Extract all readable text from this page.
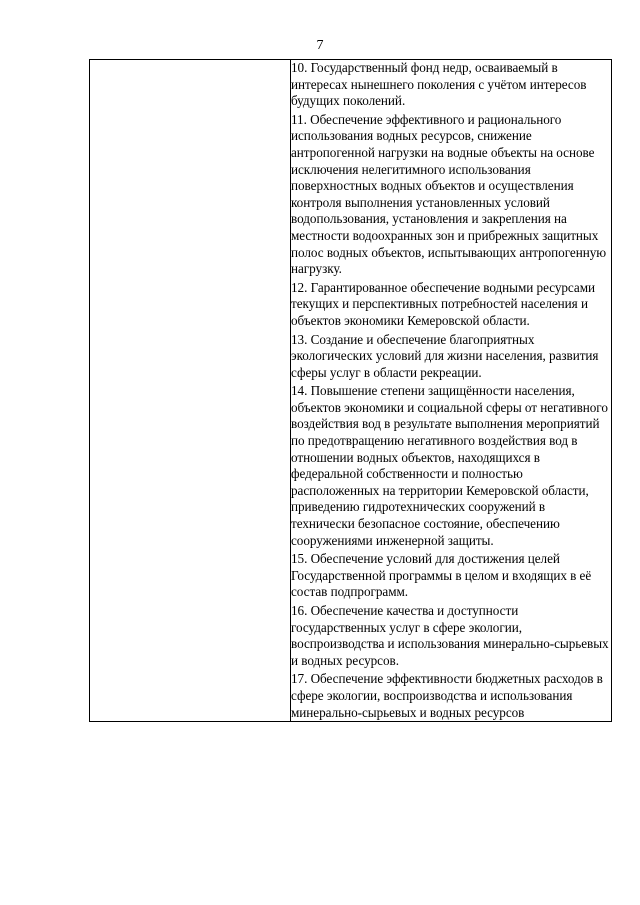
7

10. Государственный фонд недр, осваиваемый в интересах нынешнего поколения с учётом интересов будущих поколений.

11. Обеспечение эффективного и рационального использования водных ресурсов, снижение антропогенной нагрузки на водные объекты на основе исключения нелегитимного использования поверхностных водных объектов и осуществления контроля выполнения установленных условий водопользования, установления и закрепления на местности водоохранных зон и прибрежных защитных полос водных объектов, испытывающих антропогенную нагрузку.

12. Гарантированное обеспечение водными ресурсами текущих и перспективных потребностей населения и объектов экономики Кемеровской области.

13. Создание и обеспечение благоприятных экологических условий для жизни населения, развития сферы услуг в области рекреации.

14. Повышение степени защищённости населения, объектов экономики и социальной сферы от негативного воздействия вод в результате выполнения мероприятий по предотвращению негативного воздействия вод в отношении водных объектов, находящихся в федеральной собственности и полностью расположенных на территории Кемеровской области, приведению гидротехнических сооружений в технически безопасное состояние, обеспечению сооружениями инженерной защиты.

15. Обеспечение условий для достижения целей Государственной программы в целом и входящих в её состав подпрограмм.

16. Обеспечение качества и доступности государственных услуг в сфере экологии, воспроизводства и использования минерально-сырьевых и водных ресурсов.

17. Обеспечение эффективности бюджетных расходов в сфере экологии, воспроизводства и использования минерально-сырьевых и водных ресурсов
